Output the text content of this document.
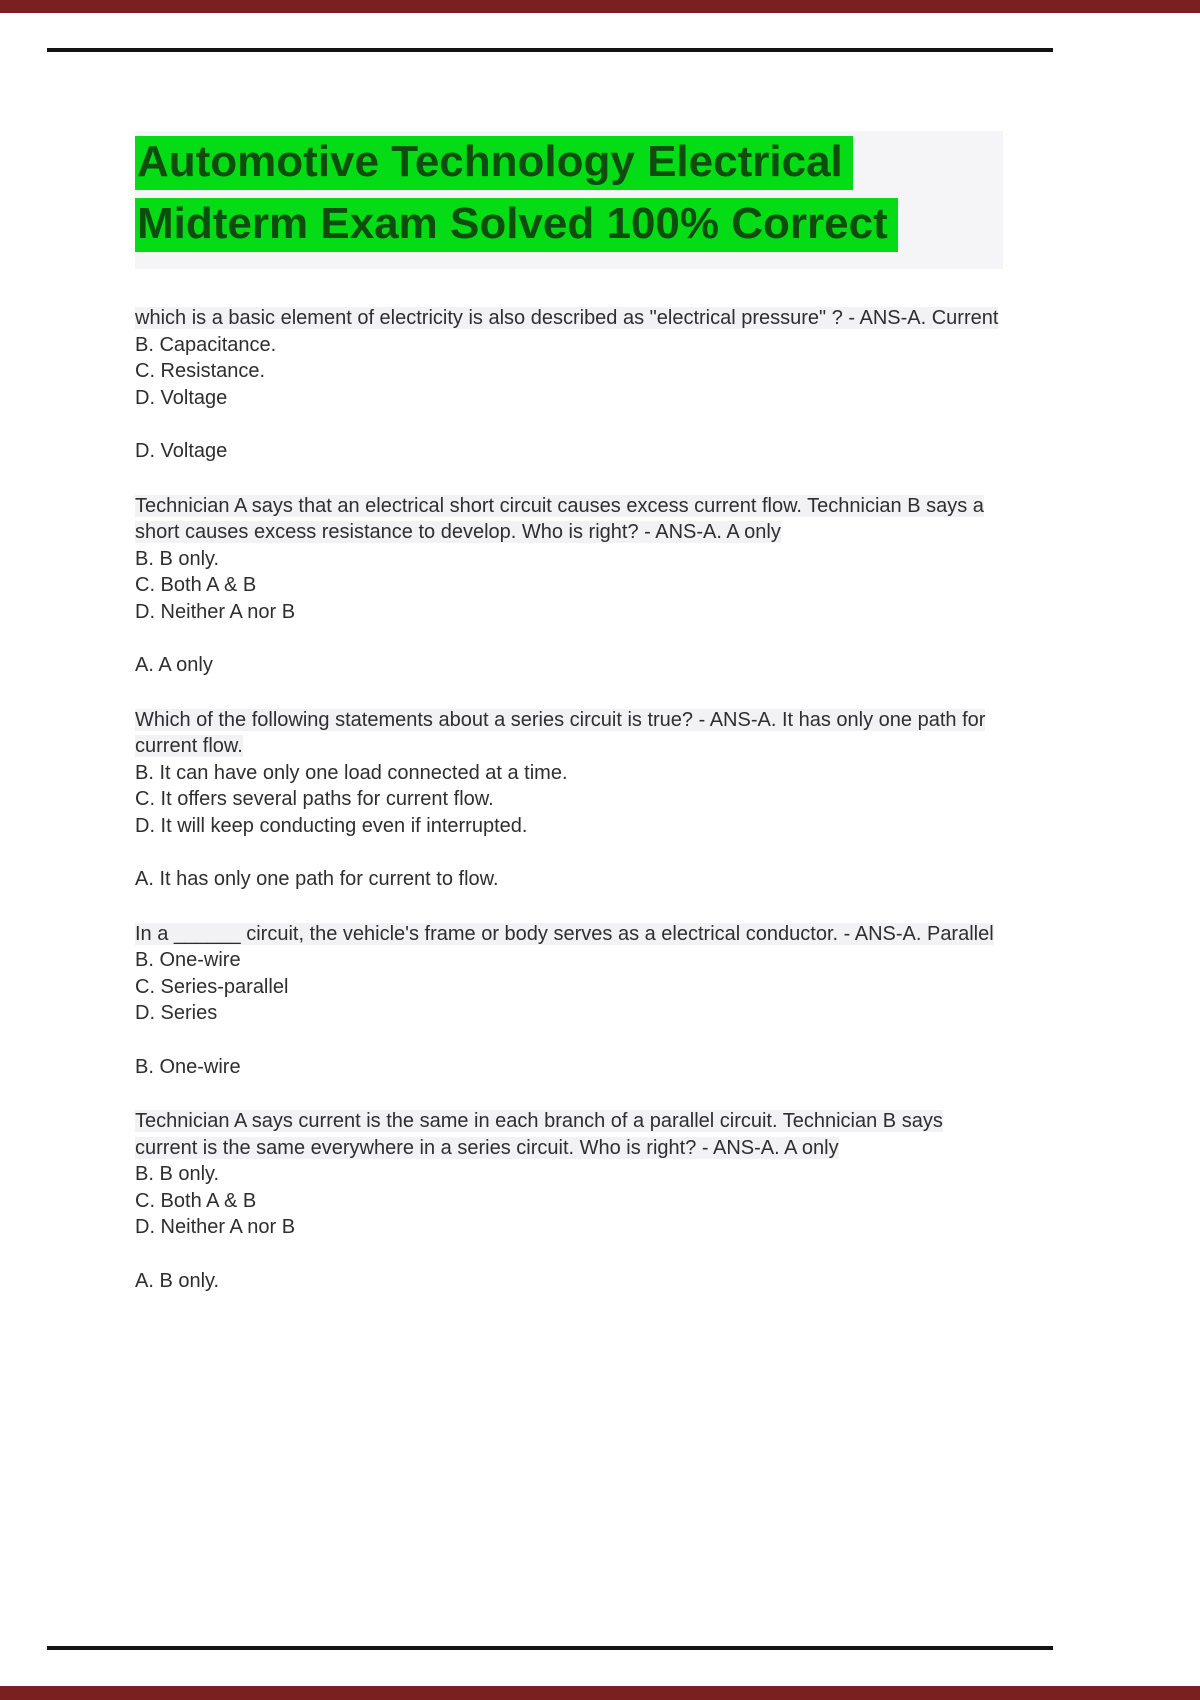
Automotive Technology Electrical
Midterm Exam Solved 100% Correct
which is a basic element of electricity is also described as "electrical pressure" ? - ANS-A. Current
B. Capacitance.
C. Resistance.
D. Voltage
D. Voltage
Technician A says that an electrical short circuit causes excess current flow. Technician B says a short causes excess resistance to develop. Who is right? - ANS-A. A only
B. B only.
C. Both A & B
D. Neither A nor B
A. A only
Which of the following statements about a series circuit is true? - ANS-A. It has only one path for current flow.
B. It can have only one load connected at a time.
C. It offers several paths for current flow.
D. It will keep conducting even if interrupted.
A. It has only one path for current to flow.
In a ______ circuit, the vehicle's frame or body serves as a electrical conductor. - ANS-A. Parallel
B. One-wire
C. Series-parallel
D. Series
B. One-wire
Technician A says current is the same in each branch of a parallel circuit. Technician B says current is the same everywhere in a series circuit. Who is right? - ANS-A. A only
B. B only.
C. Both A & B
D. Neither A nor B
A. B only.
